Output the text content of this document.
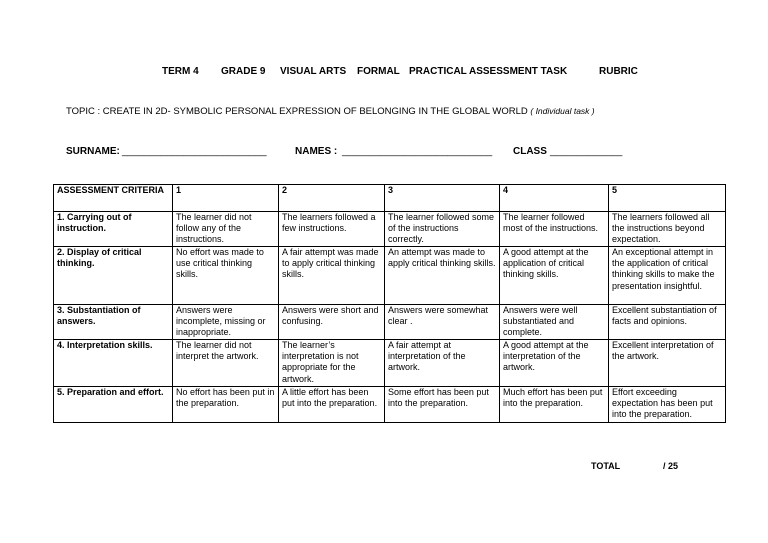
TERM 4 GRADE 9 VISUAL ARTS FORMAL PRACTICAL ASSESSMENT TASK	RUBRIC
TOPIC : CREATE IN 2D- SYMBOLIC PERSONAL EXPRESSION OF BELONGING IN THE GLOBAL WORLD ( Individual task )
SURNAME: __________________________	NAMES : ___________________________ CLASS _____________
ASSESSMENT CRITERIA	1	2	3	4	5
1. Carrying out of instruction.	The learner did not follow any of the instructions.	The learners followed a few instructions.	The learner followed some of the instructions correctly.	The learner followed most of the instructions.	The learners followed all the instructions beyond expectation.
2. Display of critical thinking.	No effort was made to use critical thinking skills.	A fair attempt was made to apply critical thinking skills.	An attempt was made to apply critical thinking skills.	A good attempt at the application of critical thinking skills.	An exceptional attempt in the application of critical thinking skills to make the presentation insightful.
3. Substantiation of answers.	Answers were incomplete, missing or inappropriate.	Answers were short and confusing.	Answers were somewhat clear .	Answers were well substantiated and complete.	Excellent substantiation of facts and opinions.
4. Interpretation skills.	The learner did not interpret the artwork.	The learner’s interpretation is not appropriate for the artwork.	A fair attempt at interpretation of the artwork.	A good attempt at the interpretation of the artwork.	Excellent interpretation of the artwork.
5. Preparation and effort.	No effort has been put in the preparation.	A little effort has been put into the preparation.	Some effort has been put into the preparation.	Much effort has been put into the preparation.	Effort exceeding expectation has been put into the preparation.
TOTAL	/ 25
